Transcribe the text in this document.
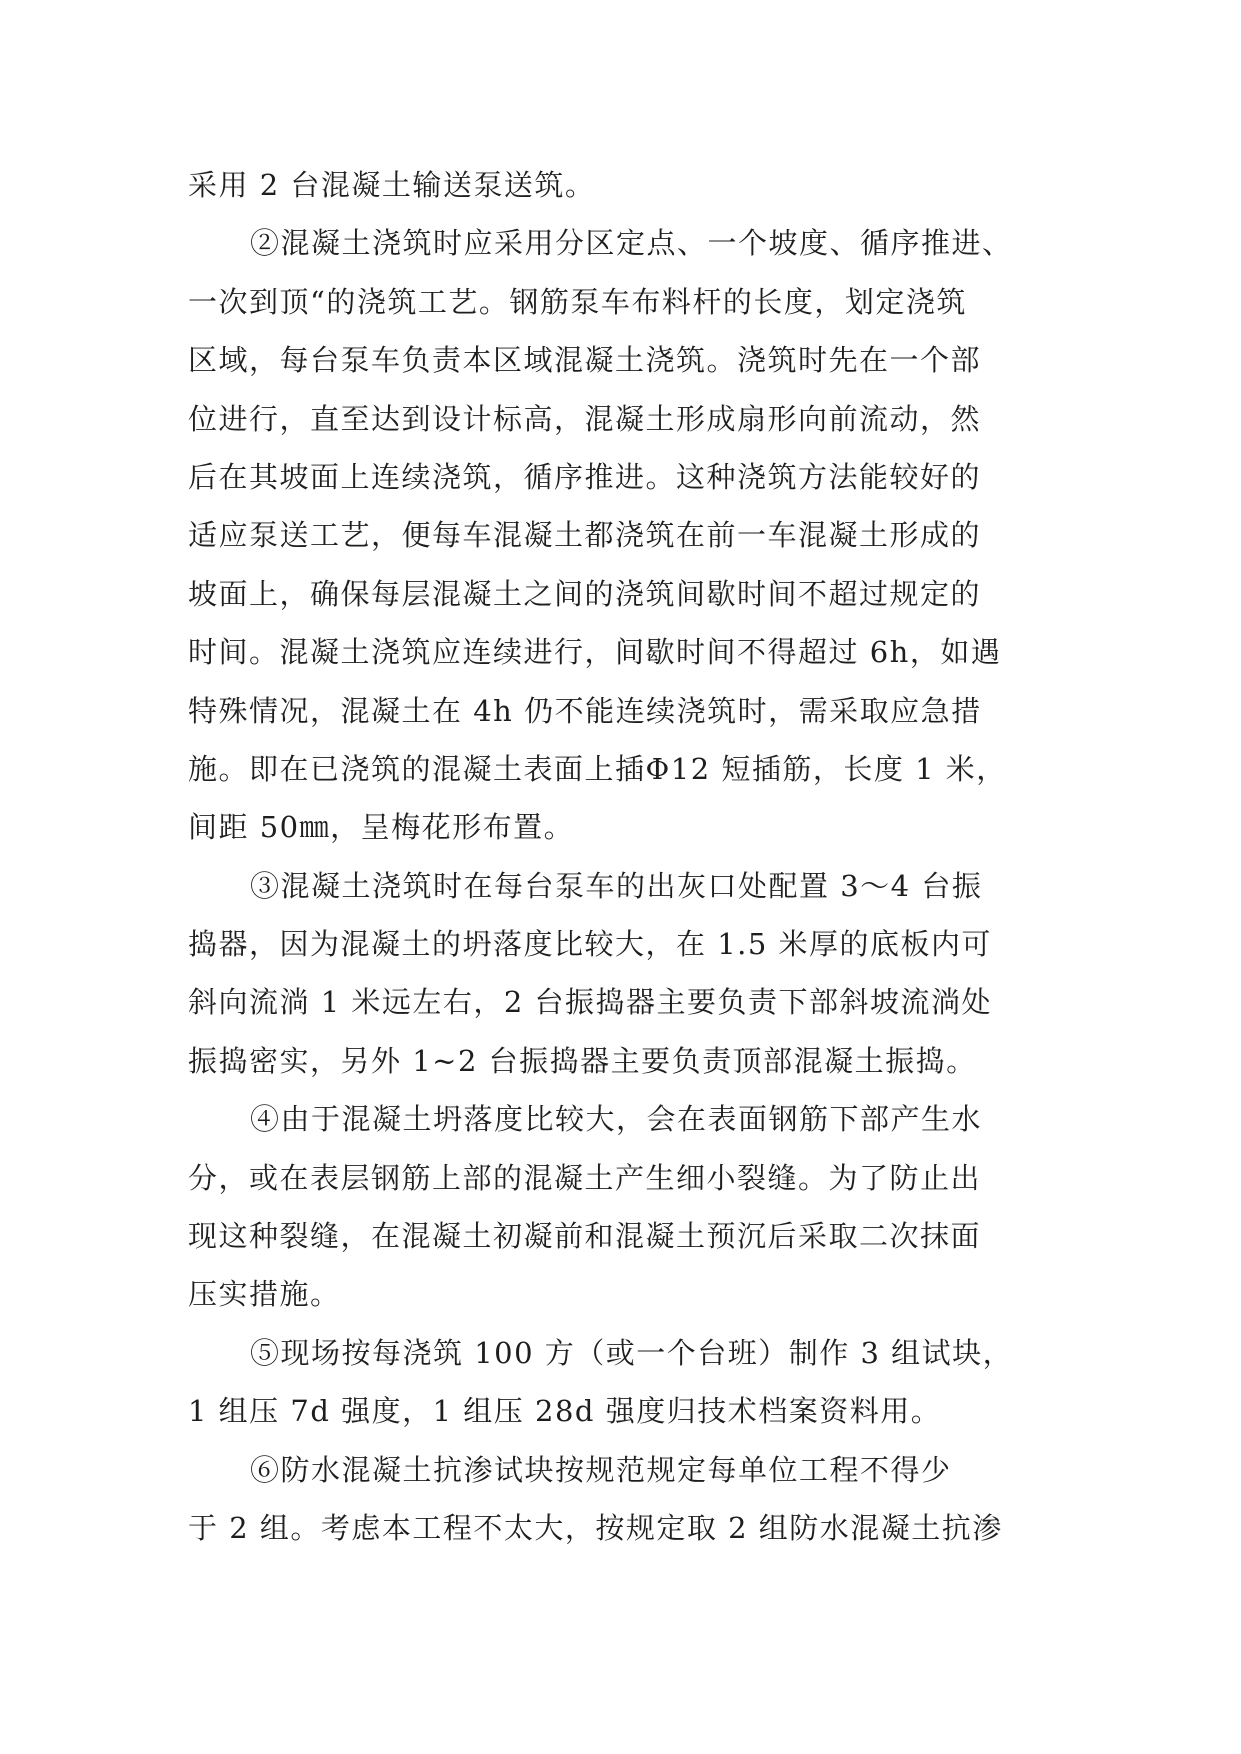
采用 2 台混凝土输送泵送筑。
②混凝土浇筑时应采用分区定点、一个坡度、循序推进、
一次到顶“的浇筑工艺。钢筋泵车布料杆的长度，划定浇筑
区域，每台泵车负责本区域混凝土浇筑。浇筑时先在一个部
位进行，直至达到设计标高，混凝土形成扇形向前流动，然
后在其坡面上连续浇筑，循序推进。这种浇筑方法能较好的
适应泵送工艺，便每车混凝土都浇筑在前一车混凝土形成的
坡面上，确保每层混凝土之间的浇筑间歇时间不超过规定的
时间。混凝土浇筑应连续进行，间歇时间不得超过 6h，如遇
特殊情况，混凝土在 4h 仍不能连续浇筑时，需采取应急措
施。即在已浇筑的混凝土表面上插Φ12 短插筋，长度 1 米，
间距 50㎜，呈梅花形布置。
③混凝土浇筑时在每台泵车的出灰口处配置 3～4 台振
捣器，因为混凝土的坍落度比较大，在 1.5 米厚的底板内可
斜向流淌 1 米远左右，2 台振捣器主要负责下部斜坡流淌处
振捣密实，另外 1~2 台振捣器主要负责顶部混凝土振捣。
④由于混凝土坍落度比较大，会在表面钢筋下部产生水
分，或在表层钢筋上部的混凝土产生细小裂缝。为了防止出
现这种裂缝，在混凝土初凝前和混凝土预沉后采取二次抹面
压实措施。
⑤现场按每浇筑 100 方（或一个台班）制作 3 组试块，
1 组压 7d 强度，1 组压 28d 强度归技术档案资料用。
⑥防水混凝土抗渗试块按规范规定每单位工程不得少
于 2 组。考虑本工程不太大，按规定取 2 组防水混凝土抗渗
